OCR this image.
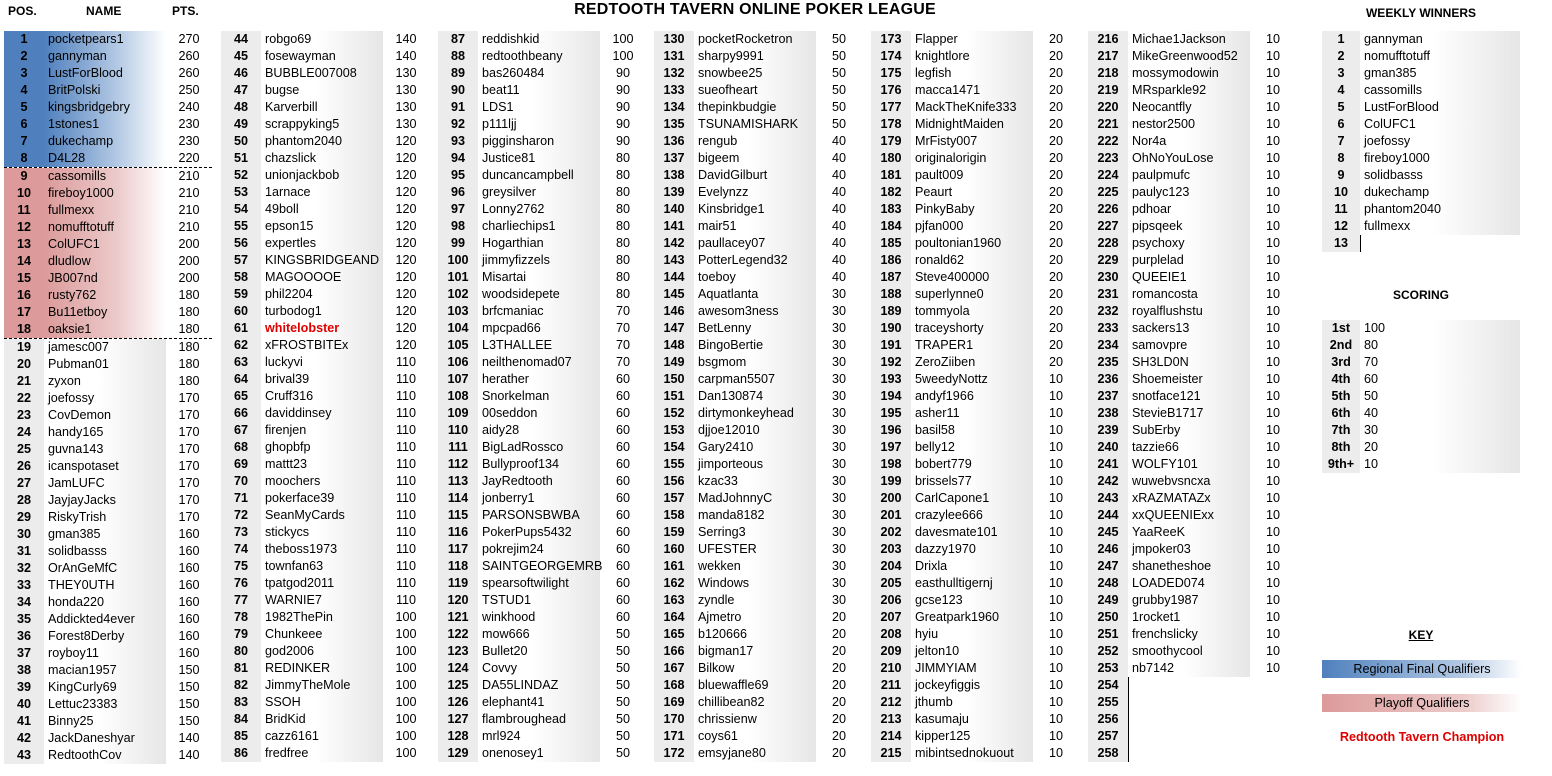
POS.	NAME	PTS.	REDTOOTH TAVERN ONLINE POKER LEAGUE
1	pocketpears1	270
2	gannyman	260
3	LustForBlood	260
4	BritPolski	250
5	kingsbridgebry	240
6	1stones1	230
7	dukechamp	230
8	D4L28	220
9	cassomills	210
10	fireboy1000	210
11	fullmexx	210
12	nomufftotuff	210
13	ColUFC1	200
14	dludlow	200
15	JB007nd	200
16	rusty762	180
17	Bu11etboy	180
18	oaksie1	180
19	jamesc007	180
20	Pubman01	180
21	zyxon	180
22	joefossy	170
23	CovDemon	170
24	handy165	170
25	guvna143	170
26	icanspotaset	170
27	JamLUFC	170
28	JayjayJacks	170
29	RiskyTrish	170
30	gman385	160
31	solidbasss	160
32	OrAnGeMfC	160
33	THEY0UTH	160
34	honda220	160
35	Addickted4ever	160
36	Forest8Derby	160
37	royboy11	160
38	macian1957	150
39	KingCurly69	150
40	Lettuc23383	150
41	Binny25	150
42	JackDaneshyar	140
43	RedtoothCov	140
44	robgo69	140
45	fosewayman	140
46	BUBBLE007008	130
47	bugse	130
48	Karverbill	130
49	scrappyking5	130
50	phantom2040	120
51	chazslick	120
52	unionjackbob	120
53	1arnace	120
54	49boll	120
55	epson15	120
56	expertles	120
57	KINGSBRIDGEAND	120
58	MAGOOOOE	120
59	phil2204	120
60	turbodog1	120
61	whitelobster	120
62	xFROSTBITEx	120
63	luckyvi	110
64	brival39	110
65	Cruff316	110
66	daviddinsey	110
67	firenjen	110
68	ghopbfp	110
69	mattt23	110
70	moochers	110
71	pokerface39	110
72	SeanMyCards	110
73	stickycs	110
74	theboss1973	110
75	townfan63	110
76	tpatgod2011	110
77	WARNIE7	110
78	1982ThePin	100
79	Chunkeee	100
80	god2006	100
81	REDINKER	100
82	JimmyTheMole	100
83	SSOH	100
84	BridKid	100
85	cazz6161	100
86	fredfree	100
87	reddishkid	100
88	redtoothbeany	100
89	bas260484	90
90	beat11	90
91	LDS1	90
92	p111ljj	90
93	pigginsharon	90
94	Justice81	80
95	duncancampbell	80
96	greysilver	80
97	Lonny2762	80
98	charliechips1	80
99	Hogarthian	80
100	jimmyfizzels	80
101	Misartai	80
102	woodsidepete	80
103	brfcmaniac	70
104	mpcpad66	70
105	L3THALLEE	70
106	neilthenomad07	70
107	herather	60
108	Snorkelman	60
109	00seddon	60
110	aidy28	60
111	BigLadRossco	60
112	Bullyproof134	60
113	JayRedtooth	60
114	jonberry1	60
115	PARSONSBWBA	60
116	PokerPups5432	60
117	pokrejim24	60
118	SAINTGEORGEMRB	60
119	spearsoftwilight	60
120	TSTUD1	60
121	winkhood	60
122	mow666	50
123	Bullet20	50
124	Covvy	50
125	DA55LINDAZ	50
126	elephant41	50
127	flambroughead	50
128	mrl924	50
129	onenosey1	50
130	pocketRocketron	50
131	sharpy9991	50
132	snowbee25	50
133	sueofheart	50
134	thepinkbudgie	50
135	TSUNAMISHARK	50
136	rengub	40
137	bigeem	40
138	DavidGilburt	40
139	Evelynzz	40
140	Kinsbridge1	40
141	mair51	40
142	paullacey07	40
143	PotterLegend32	40
144	toeboy	40
145	Aquatlanta	30
146	awesom3ness	30
147	BetLenny	30
148	BingoBertie	30
149	bsgmom	30
150	carpman5507	30
151	Dan130874	30
152	dirtymonkeyhead	30
153	djjoe12010	30
154	Gary2410	30
155	jimporteous	30
156	kzac33	30
157	MadJohnnyC	30
158	manda8182	30
159	Serring3	30
160	UFESTER	30
161	wekken	30
162	Windows	30
163	zyndle	30
164	Ajmetro	20
165	b120666	20
166	bigman17	20
167	Bilkow	20
168	bluewaffle69	20
169	chillibean82	20
170	chrissienw	20
171	coys61	20
172	emsyjane80	20
173	Flapper	20
174	knightlore	20
175	legfish	20
176	macca1471	20
177	MackTheKnife333	20
178	MidnightMaiden	20
179	MrFisty007	20
180	originalorigin	20
181	pault009	20
182	Peaurt	20
183	PinkyBaby	20
184	pjfan000	20
185	poultonian1960	20
186	ronald62	20
187	Steve400000	20
188	superlynne0	20
189	tommyola	20
190	traceyshorty	20
191	TRAPER1	20
192	ZeroZiiben	20
193	5weedyNottz	10
194	andyf1966	10
195	asher11	10
196	basil58	10
197	belly12	10
198	bobert779	10
199	brissels77	10
200	CarlCapone1	10
201	crazylee666	10
202	davesmate101	10
203	dazzy1970	10
204	Drixla	10
205	easthulltigernj	10
206	gcse123	10
207	Greatpark1960	10
208	hyiu	10
209	jelton10	10
210	JIMMYIAM	10
211	jockeyfiggis	10
212	jthumb	10
213	kasumaju	10
214	kipper125	10
215	mibintsednokuout	10
216	Michae1Jackson	10
217	MikeGreenwood52	10
218	mossymodowin	10
219	MRsparkle92	10
220	Neocantfly	10
221	nestor2500	10
222	Nor4a	10
223	OhNoYouLose	10
224	paulpmufc	10
225	paulyc123	10
226	pdhoar	10
227	pipsqeek	10
228	psychoxy	10
229	purplelad	10
230	QUEEIE1	10
231	romancosta	10
232	royalflushstu	10
233	sackers13	10
234	samovpre	10
235	SH3LD0N	10
236	Shoemeister	10
237	snotface121	10
238	StevieB1717	10
239	SubErby	10
240	tazzie66	10
241	WOLFY101	10
242	wuwebvsncxa	10
243	xRAZMATAZx	10
244	xxQUEENIExx	10
245	YaaReeK	10
246	jmpoker03	10
247	shanetheshoe	10
248	LOADED074	10
249	grubby1987	10
250	1rocket1	10
251	frenchslicky	10
252	smoothycool	10
253	nb7142	10
254
255
256
257
258
WEEKLY WINNERS
1	gannyman
2	nomufftotuff
3	gman385
4	cassomills
5	LustForBlood
6	ColUFC1
7	joefossy
8	fireboy1000
9	solidbasss
10	dukechamp
11	phantom2040
12	fullmexx
13
SCORING
1st	100
2nd 80
3rd	70
4th	60
5th	50
6th	40
7th	30
8th	20
9th+ 10
KEY
Regional Final Qualifiers
Playoff Qualifiers
Redtooth Tavern Champion
